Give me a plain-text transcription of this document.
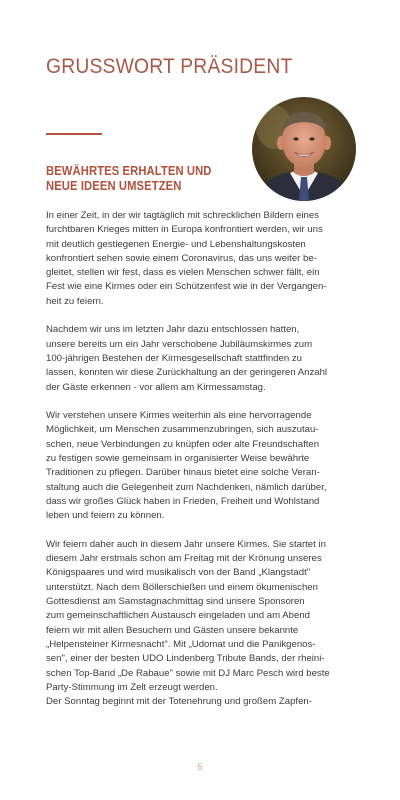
GRUSSWORT PRÄSIDENT
BEWÄHRTES ERHALTEN UND
NEUE IDEEN UMSETZEN

In einer Zeit, in der wir tagtäglich mit schrecklichen Bildern eines
furchtbaren Krieges mitten in Europa konfrontiert werden, wir uns
mit deutlich gestiegenen Energie- und Lebenshaltungskosten
konfrontiert sehen sowie einem Coronavirus, das uns weiter be-
gleitet, stellen wir fest, dass es vielen Menschen schwer fällt, ein
Fest wie eine Kirmes oder ein Schützenfest wie in der Vergangen-
heit zu feiern.

Nachdem wir uns im letzten Jahr dazu entschlossen hatten,
unsere bereits um ein Jahr verschobene Jubiläumskirmes zum
100-jährigen Bestehen der Kirmesgesellschaft stattfinden zu
lassen, konnten wir diese Zurückhaltung an der geringeren Anzahl
der Gäste erkennen - vor allem am Kirmessamstag.

Wir verstehen unsere Kirmes weiterhin als eine hervorragende
Möglichkeit, um Menschen zusammenzubringen, sich auszutau-
schen, neue Verbindungen zu knüpfen oder alte Freundschaften
zu festigen sowie gemeinsam in organisierter Weise bewährte
Traditionen zu pflegen. Darüber hinaus bietet eine solche Veran-
staltung auch die Gelegenheit zum Nachdenken, nämlich darüber,
dass wir großes Glück haben in Frieden, Freiheit und Wohlstand
leben und feiern zu können.

Wir feiern daher auch in diesem Jahr unsere Kirmes. Sie startet in
diesem Jahr erstmals schon am Freitag mit der Krönung unseres
Königspaares und wird musikalisch von der Band „Klangstadt"
unterstützt. Nach dem Böllerschießen und einem ökumenischen
Gottesdienst am Samstagnachmittag sind unsere Sponsoren
zum gemeinschaftlichen Austausch eingeladen und am Abend
feiern wir mit allen Besuchern und Gästen unsere bekannte
„Helpensteiner Kirmesnacht". Mit „Udomat und die Panikgenos-
sen", einer der besten UDO Lindenberg Tribute Bands, der rheini-
schen Top-Band „De Rabaue" sowie mit DJ Marc Pesch wird beste
Party-Stimmung im Zelt erzeugt werden.
Der Sonntag beginnt mit der Totenehrung und großem Zapfen-

5
